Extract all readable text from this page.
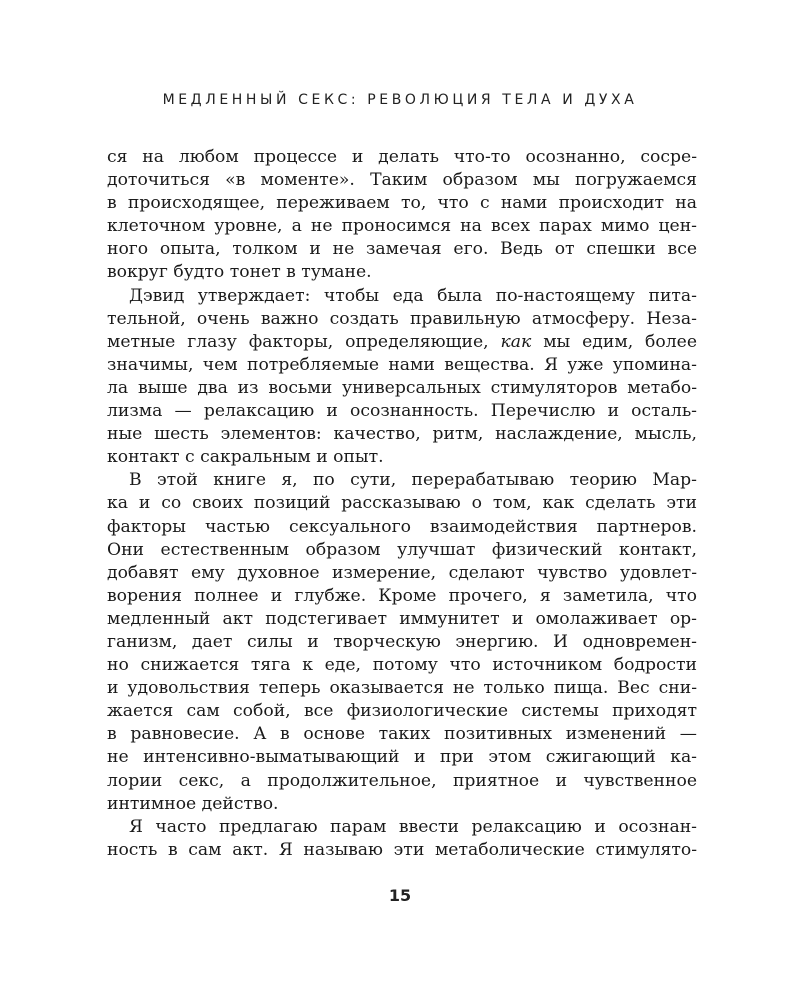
МЕДЛЕННЫЙ СЕКС: РЕВОЛЮЦИЯ ТЕЛА И ДУХА
ся на любом процессе и делать что-то осознанно, сосре-
доточиться «в моменте». Таким образом мы погружаемся
в происходящее, переживаем то, что с нами происходит на
клеточном уровне, а не проносимся на всех парах мимо цен-
ного опыта, толком и не замечая его. Ведь от спешки все
вокруг будто тонет в тумане.
Дэвид утверждает: чтобы еда была по-настоящему пита-
тельной, очень важно создать правильную атмосферу. Неза-
метные глазу факторы, определяющие, как мы едим, более
значимы, чем потребляемые нами вещества. Я уже упомина-
ла выше два из восьми универсальных стимуляторов метабо-
лизма — релаксацию и осознанность. Перечислю и осталь-
ные шесть элементов: качество, ритм, наслаждение, мысль,
контакт с сакральным и опыт.
В этой книге я, по сути, перерабатываю теорию Мар-
ка и со своих позиций рассказываю о том, как сделать эти
факторы частью сексуального взаимодействия партнеров.
Они естественным образом улучшат физический контакт,
добавят ему духовное измерение, сделают чувство удовлет-
ворения полнее и глубже. Кроме прочего, я заметила, что
медленный акт подстегивает иммунитет и омолаживает ор-
ганизм, дает силы и творческую энергию. И одновремен-
но снижается тяга к еде, потому что источником бодрости
и удовольствия теперь оказывается не только пища. Вес сни-
жается сам собой, все физиологические системы приходят
в равновесие. А в основе таких позитивных изменений —
не интенсивно-выматывающий и при этом сжигающий ка-
лории секс, а продолжительное, приятное и чувственное
интимное действо.
Я часто предлагаю парам ввести релаксацию и осознан-
ность в сам акт. Я называю эти метаболические стимулято-
15
